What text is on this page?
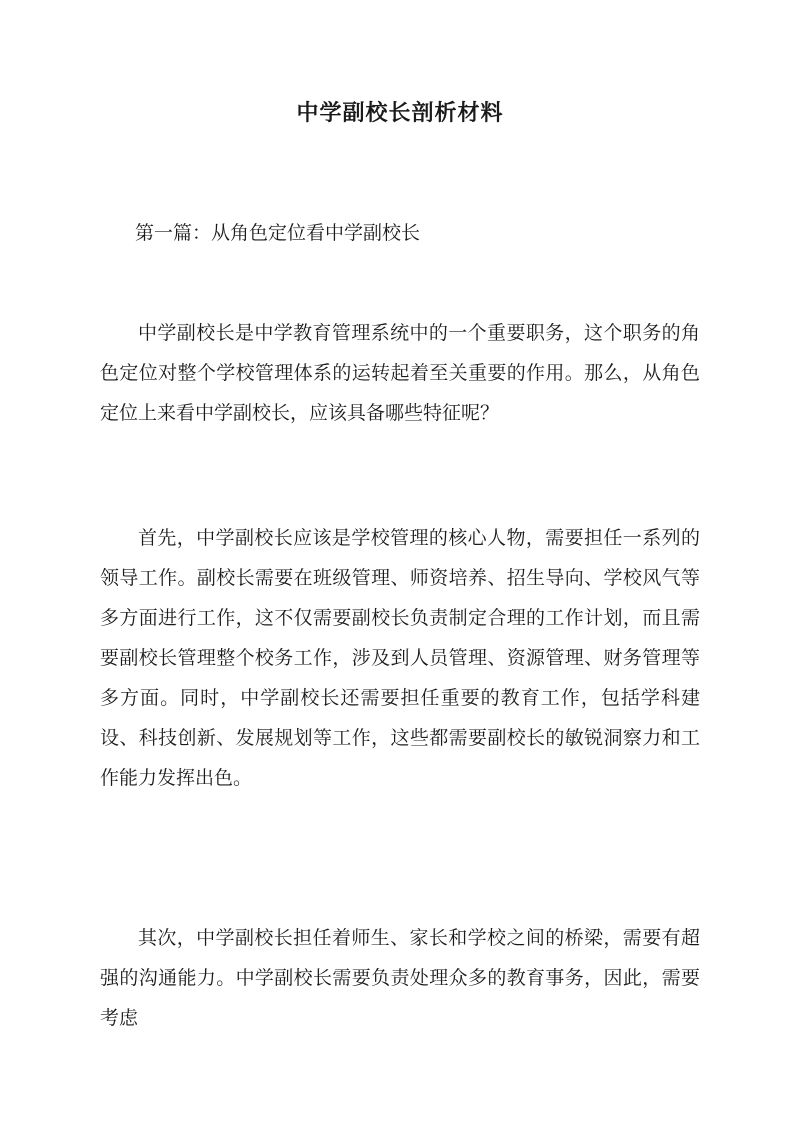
中学副校长剖析材料
第一篇：从角色定位看中学副校长

中学副校长是中学教育管理系统中的一个重要职务，这个职务的角色定位对整个学校管理体系的运转起着至关重要的作用。那么，从角色定位上来看中学副校长，应该具备哪些特征呢？

首先，中学副校长应该是学校管理的核心人物，需要担任一系列的领导工作。副校长需要在班级管理、师资培养、招生导向、学校风气等多方面进行工作，这不仅需要副校长负责制定合理的工作计划，而且需要副校长管理整个校务工作，涉及到人员管理、资源管理、财务管理等多方面。同时，中学副校长还需要担任重要的教育工作，包括学科建设、科技创新、发展规划等工作，这些都需要副校长的敏锐洞察力和工作能力发挥出色。

其次，中学副校长担任着师生、家长和学校之间的桥梁，需要有超强的沟通能力。中学副校长需要负责处理众多的教育事务，因此，需要考虑
